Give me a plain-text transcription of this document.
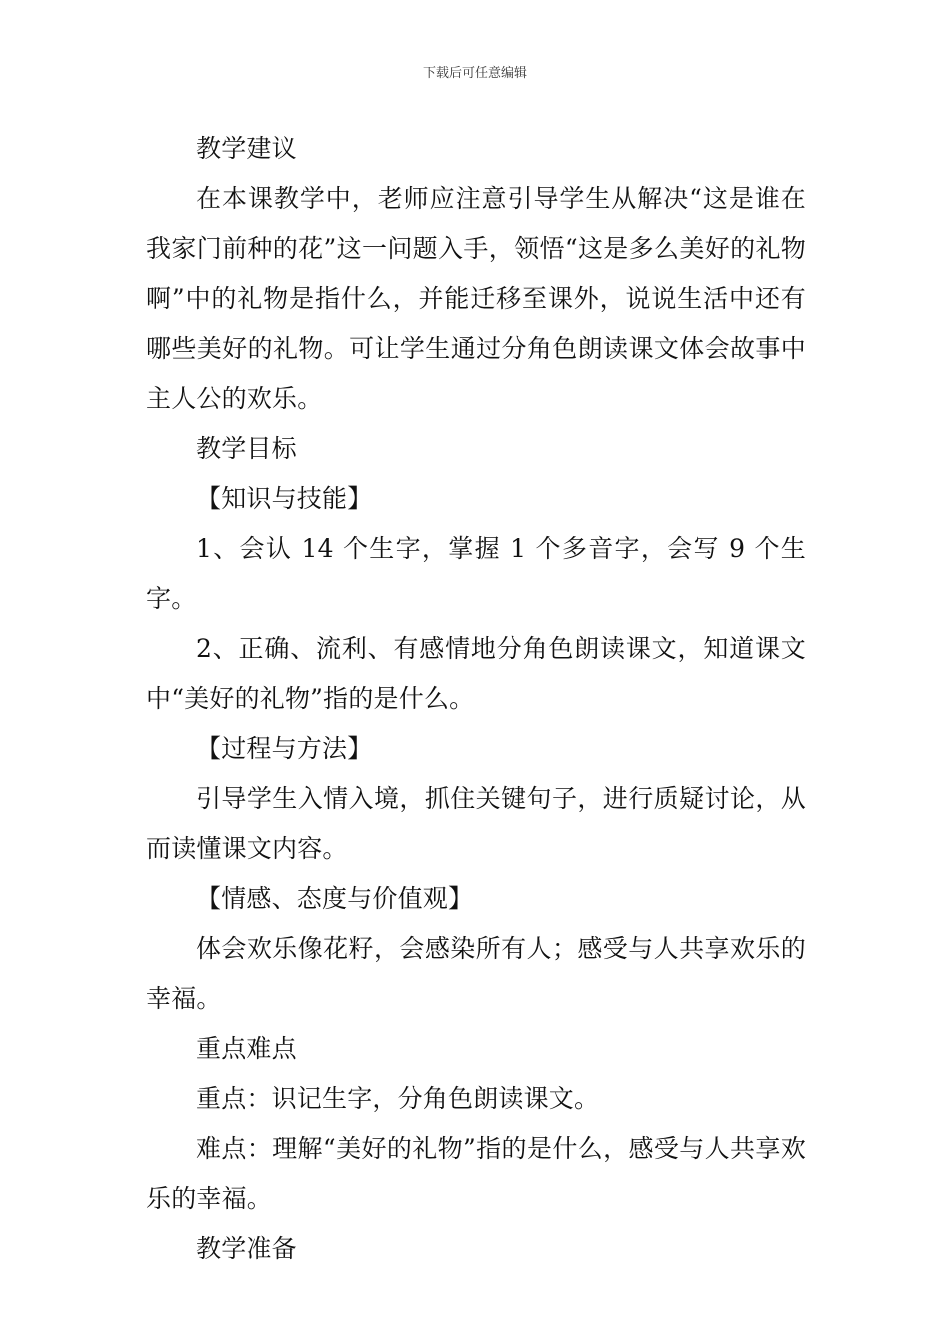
下载后可任意编辑

教学建议

在本课教学中，老师应注意引导学生从解决“这是谁在我家门前种的花”这一问题入手，领悟“这是多么美好的礼物啊”中的礼物是指什么，并能迁移至课外，说说生活中还有哪些美好的礼物。可让学生通过分角色朗读课文体会故事中主人公的欢乐。

教学目标

【知识与技能】

1、会认 14 个生字，掌握 1 个多音字，会写 9 个生字。

2、正确、流利、有感情地分角色朗读课文，知道课文中“美好的礼物”指的是什么。

【过程与方法】

引导学生入情入境，抓住关键句子，进行质疑讨论，从而读懂课文内容。

【情感、态度与价值观】

体会欢乐像花籽，会感染所有人；感受与人共享欢乐的幸福。

重点难点

重点：识记生字，分角色朗读课文。

难点：理解“美好的礼物”指的是什么，感受与人共享欢乐的幸福。

教学准备
